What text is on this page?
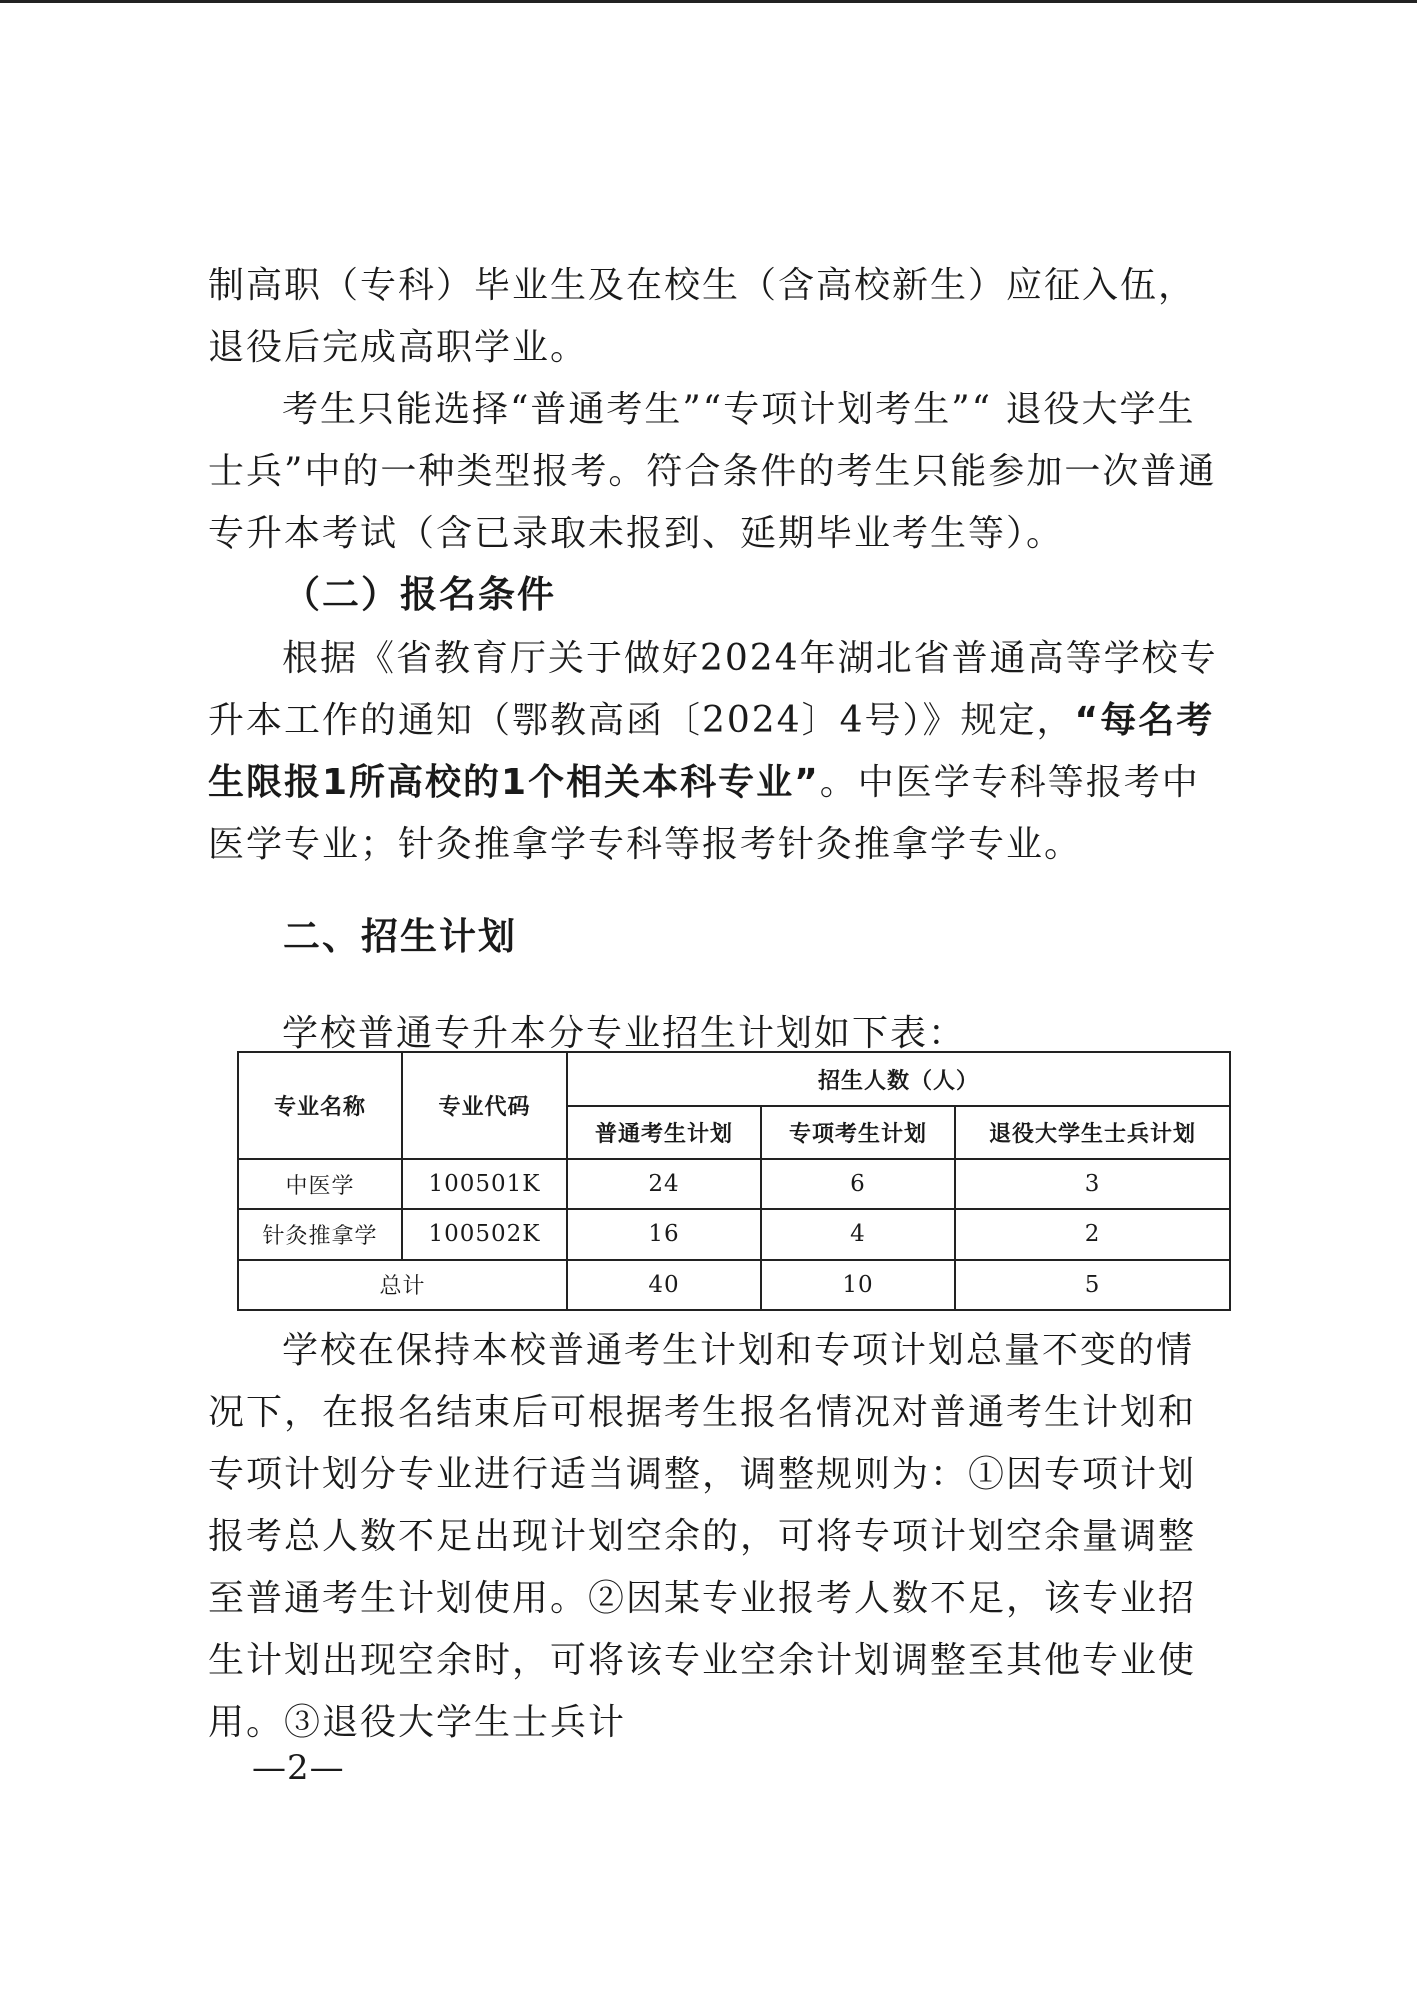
制高职（专科）毕业生及在校生（含高校新生）应征入伍，退役后完成高职学业。

考生只能选择“普通考生”“专项计划考生”“ 退役大学生士兵”中的一种类型报考。符合条件的考生只能参加一次普通专升本考试（含已录取未报到、延期毕业考生等）。

（二）报名条件

根据《省教育厅关于做好2024年湖北省普通高等学校专升本工作的通知（鄂教高函〔2024〕4号）》规定，“每名考生限报1所高校的1个相关本科专业”。中医学专科等报考中医学专业；针灸推拿学专科等报考针灸推拿学专业。

二、招生计划

学校普通专升本分专业招生计划如下表：

专业名称	专业代码	招生人数（人）		
		普通考生计划	专项考生计划	退役大学生士兵计划
中医学	100501K	24	6	3
针灸推拿学	100502K	16	4	2
总计		40	10	5

学校在保持本校普通考生计划和专项计划总量不变的情况下，在报名结束后可根据考生报名情况对普通考生计划和专项计划分专业进行适当调整，调整规则为：①因专项计划报考总人数不足出现计划空余的，可将专项计划空余量调整至普通考生计划使用。②因某专业报考人数不足，该专业招生计划出现空余时，可将该专业空余计划调整至其他专业使用。③退役大学生士兵计

—2—
